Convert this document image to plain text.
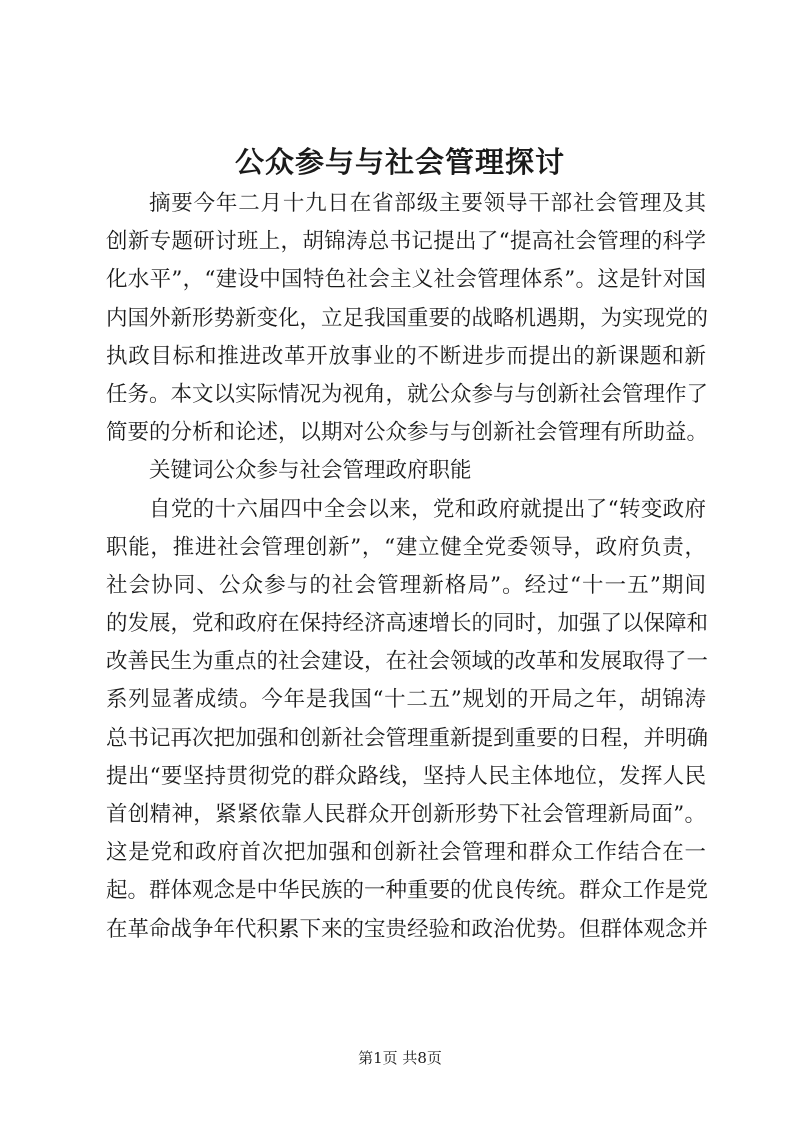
公众参与与社会管理探讨
摘要今年二月十九日在省部级主要领导干部社会管理及其
创新专题研讨班上，胡锦涛总书记提出了“提高社会管理的科学
化水平”，“建设中国特色社会主义社会管理体系”。这是针对国
内国外新形势新变化，立足我国重要的战略机遇期，为实现党的
执政目标和推进改革开放事业的不断进步而提出的新课题和新
任务。本文以实际情况为视角，就公众参与与创新社会管理作了
简要的分析和论述，以期对公众参与与创新社会管理有所助益。
关键词公众参与社会管理政府职能
自党的十六届四中全会以来，党和政府就提出了“转变政府
职能，推进社会管理创新”，“建立健全党委领导，政府负责，
社会协同、公众参与的社会管理新格局”。经过“十一五”期间
的发展，党和政府在保持经济高速增长的同时，加强了以保障和
改善民生为重点的社会建设，在社会领域的改革和发展取得了一
系列显著成绩。今年是我国“十二五”规划的开局之年，胡锦涛
总书记再次把加强和创新社会管理重新提到重要的日程，并明确
提出“要坚持贯彻党的群众路线，坚持人民主体地位，发挥人民
首创精神，紧紧依靠人民群众开创新形势下社会管理新局面”。
这是党和政府首次把加强和创新社会管理和群众工作结合在一
起。群体观念是中华民族的一种重要的优良传统。群众工作是党
在革命战争年代积累下来的宝贵经验和政治优势。但群体观念并
第1页 共8页
